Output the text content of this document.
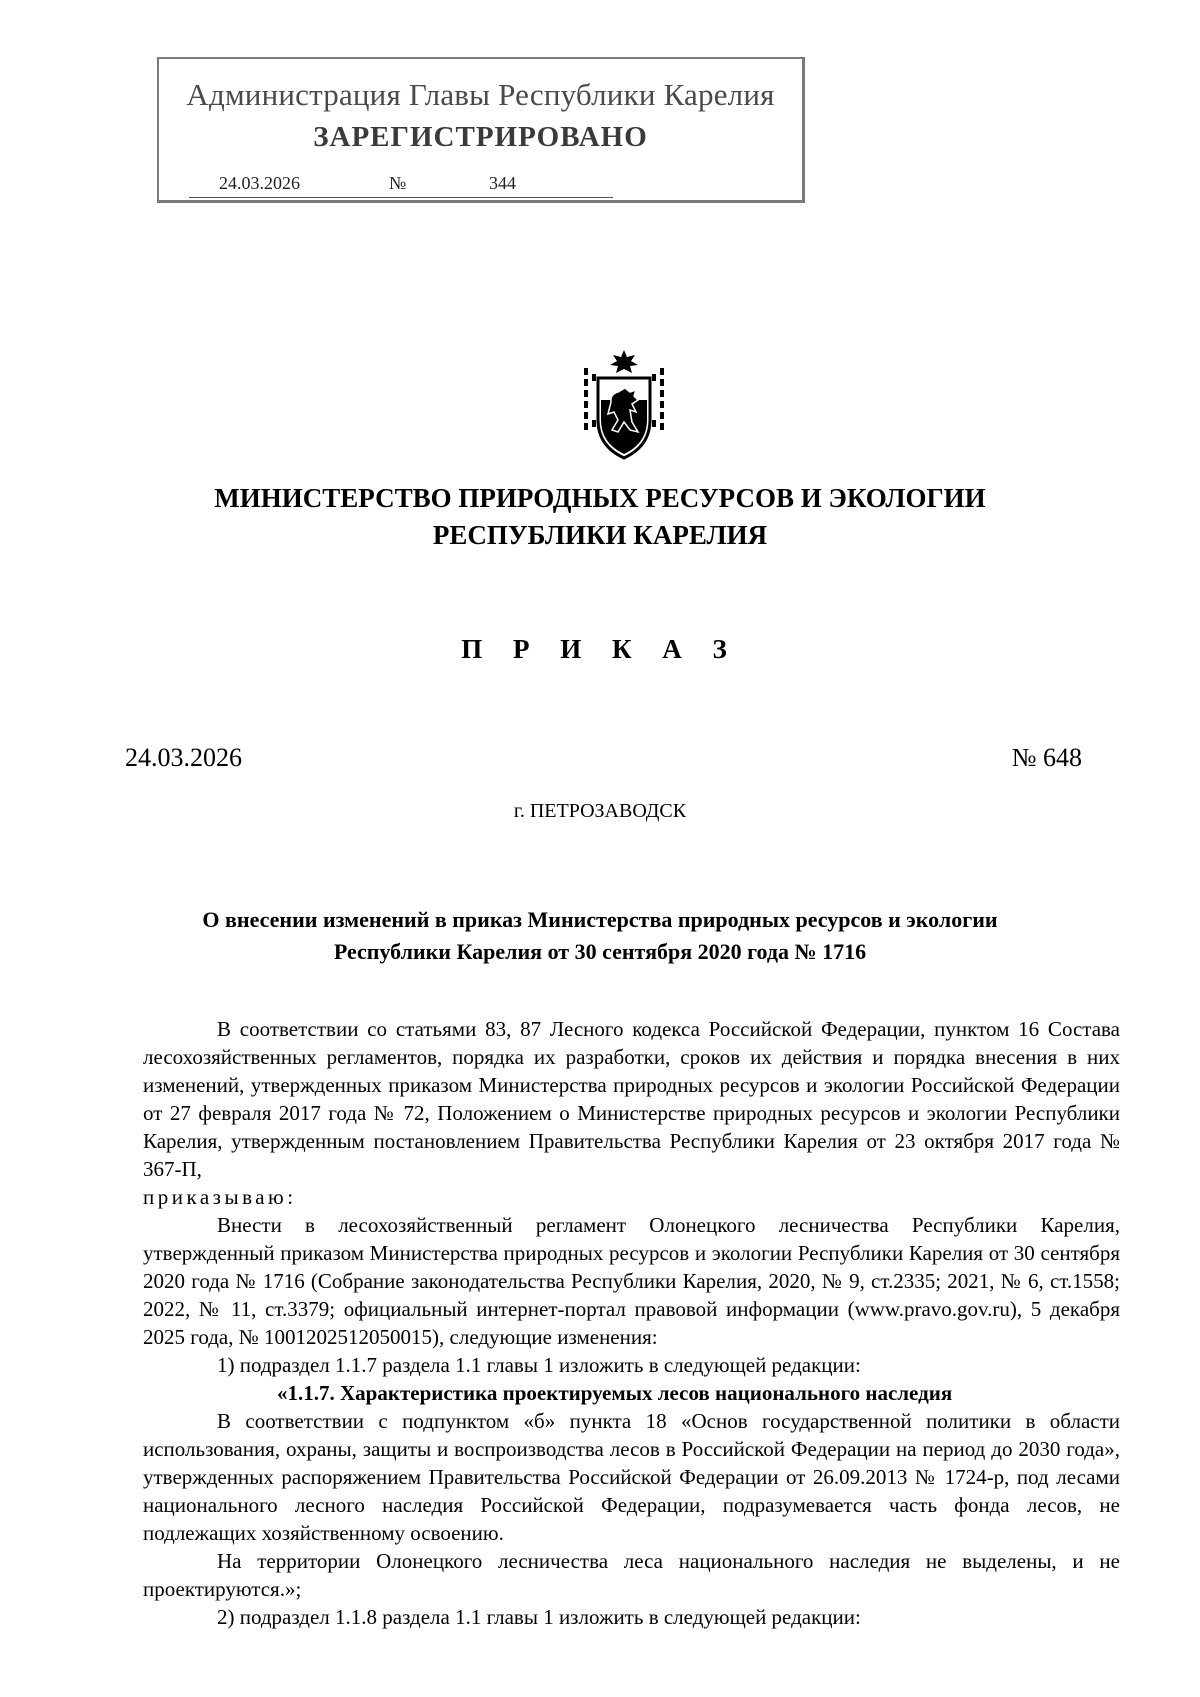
Администрация Главы Республики Карелия
ЗАРЕГИСТРИРОВАНО
24.03.2026	№	344
МИНИСТЕРСТВО ПРИРОДНЫХ РЕСУРСОВ И ЭКОЛОГИИ
РЕСПУБЛИКИ КАРЕЛИЯ
П Р И К А З
24.03.2026	№ 648
г. ПЕТРОЗАВОДСК
О внесении изменений в приказ Министерства природных ресурсов и экологии
Республики Карелия от 30 сентября 2020 года № 1716

В соответствии со статьями 83, 87 Лесного кодекса Российской Федерации, пунктом 16 Состава лесохозяйственных регламентов, порядка их разработки, сроков их действия и порядка внесения в них изменений, утвержденных приказом Министерства природных ресурсов и экологии Российской Федерации от 27 февраля 2017 года № 72, Положением о Министерстве природных ресурсов и экологии Республики Карелия, утвержденным постановлением Правительства Республики Карелия от 23 октября 2017 года № 367-П,

приказываю:

Внести в лесохозяйственный регламент Олонецкого лесничества Республики Карелия, утвержденный приказом Министерства природных ресурсов и экологии Республики Карелия от 30 сентября 2020 года № 1716 (Собрание законодательства Республики Карелия, 2020, № 9, ст.2335; 2021, № 6, ст.1558; 2022, № 11, ст.3379; официальный интернет-портал правовой информации (www.pravo.gov.ru), 5 декабря 2025 года, № 1001202512050015), следующие изменения:

1) подраздел 1.1.7 раздела 1.1 главы 1 изложить в следующей редакции:

«1.1.7. Характеристика проектируемых лесов национального наследия

В соответствии с подпунктом «б» пункта 18 «Основ государственной политики в области использования, охраны, защиты и воспроизводства лесов в Российской Федерации на период до 2030 года», утвержденных распоряжением Правительства Российской Федерации от 26.09.2013 № 1724-р, под лесами национального лесного наследия Российской Федерации, подразумевается часть фонда лесов, не подлежащих хозяйственному освоению.

На территории Олонецкого лесничества леса национального наследия не выделены, и не проектируются.»;

2) подраздел 1.1.8 раздела 1.1 главы 1 изложить в следующей редакции:
